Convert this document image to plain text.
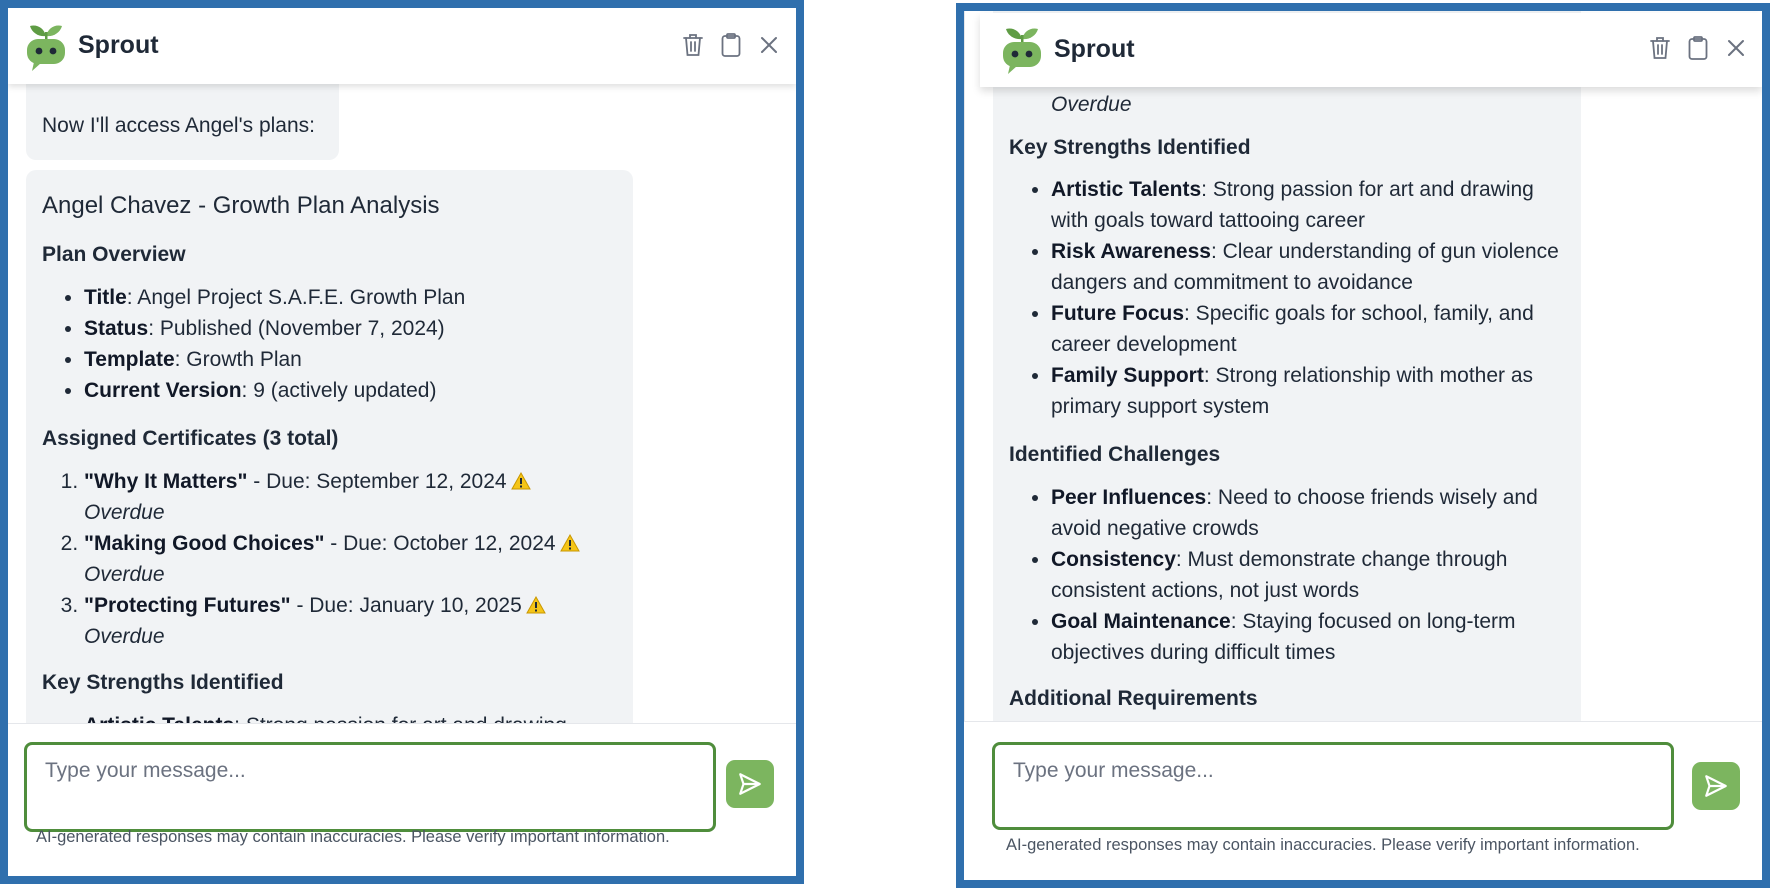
Sprout
Now I'll access Angel's plans:
Angel Chavez - Growth Plan Analysis
Plan Overview
• Title: Angel Project S.A.F.E. Growth Plan
• Status: Published (November 7, 2024)
• Template: Growth Plan
• Current Version: 9 (actively updated)
Assigned Certificates (3 total)
1. "Why It Matters" - Due: September 12, 2024
Overdue
2. "Making Good Choices" - Due: October 12, 2024
Overdue
3. "Protecting Futures" - Due: January 10, 2025
Overdue
Key Strengths Identified
•
Type your message...
AI-generated responses may contain inaccuracies. Please verify important information.
Sprout
Overdue
Key Strengths Identified
• Artistic Talents: Strong passion for art and drawing
with goals toward tattooing career
• Risk Awareness: Clear understanding of gun violence
dangers and commitment to avoidance
• Future Focus: Specific goals for school, family, and
career development
• Family Support: Strong relationship with mother as
primary support system
Identified Challenges
• Peer Influences: Need to choose friends wisely and
avoid negative crowds
• Consistency: Must demonstrate change through
consistent actions, not just words
• Goal Maintenance: Staying focused on long-term
objectives during difficult times
Additional Requirements
Type your message...
AI-generated responses may contain inaccuracies. Please verify important information.
